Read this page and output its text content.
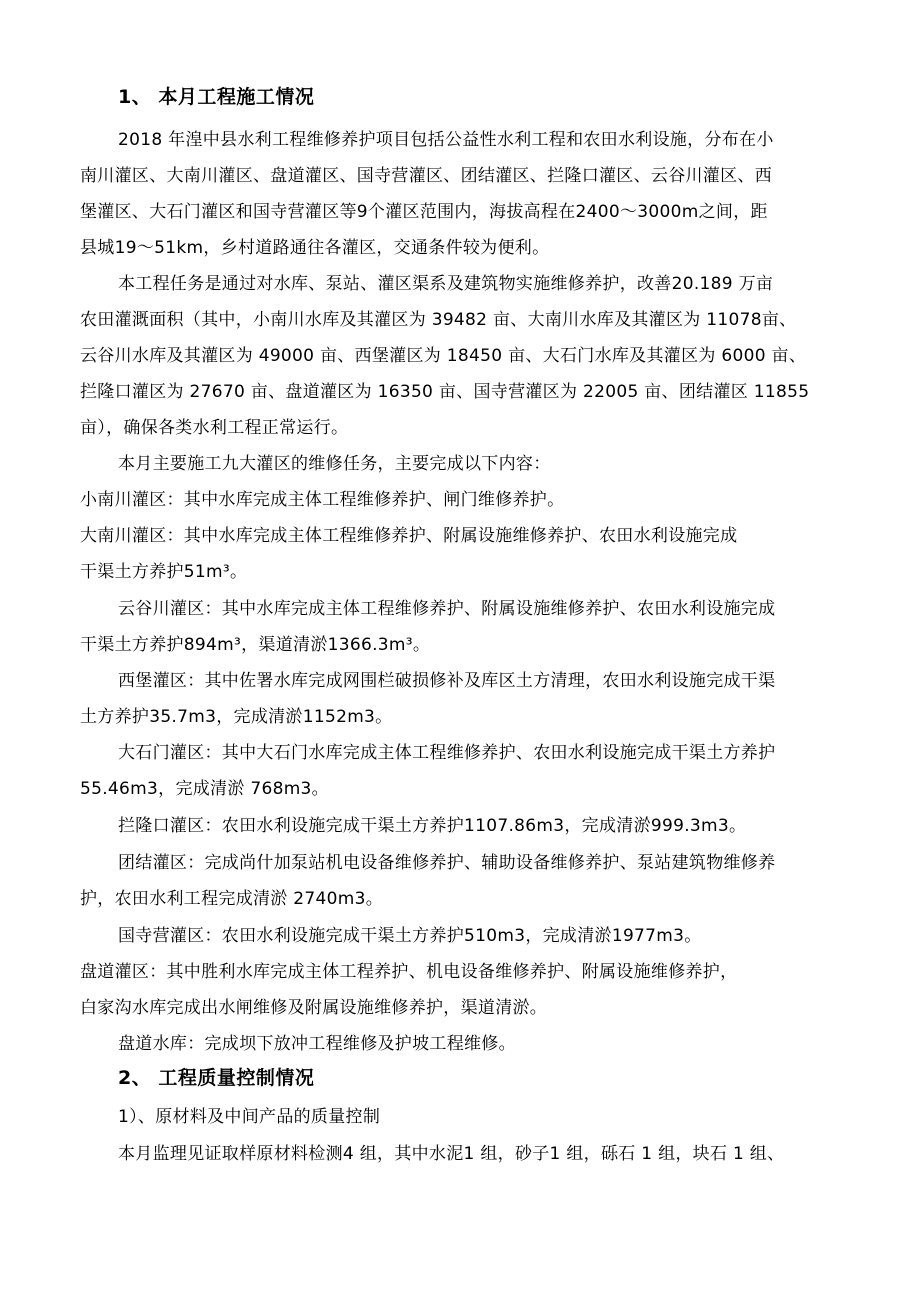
1、 本月工程施工情况
2018 年湟中县水利工程维修养护项目包括公益性水利工程和农田水利设施，分布在小
南川灌区、大南川灌区、盘道灌区、国寺营灌区、团结灌区、拦隆口灌区、云谷川灌区、西
堡灌区、大石门灌区和国寺营灌区等9个灌区范围内，海拔高程在2400～3000m之间，距
县城19～51km，乡村道路通往各灌区，交通条件较为便利。
本工程任务是通过对水库、泵站、灌区渠系及建筑物实施维修养护，改善20.189 万亩
农田灌溉面积（其中，小南川水库及其灌区为 39482 亩、大南川水库及其灌区为 11078亩、
云谷川水库及其灌区为 49000 亩、西堡灌区为 18450 亩、大石门水库及其灌区为 6000 亩、
拦隆口灌区为 27670 亩、盘道灌区为 16350 亩、国寺营灌区为 22005 亩、团结灌区 11855
亩），确保各类水利工程正常运行。
本月主要施工九大灌区的维修任务，主要完成以下内容：
小南川灌区：其中水库完成主体工程维修养护、闸门维修养护。
大南川灌区：其中水库完成主体工程维修养护、附属设施维修养护、农田水利设施完成
干渠土方养护51m³。
云谷川灌区：其中水库完成主体工程维修养护、附属设施维修养护、农田水利设施完成
干渠土方养护894m³，渠道清淤1366.3m³。
西堡灌区：其中佐署水库完成网围栏破损修补及库区土方清理，农田水利设施完成干渠
土方养护35.7m3，完成清淤1152m3。
大石门灌区：其中大石门水库完成主体工程维修养护、农田水利设施完成干渠土方养护
55.46m3，完成清淤 768m3。
拦隆口灌区：农田水利设施完成干渠土方养护1107.86m3，完成清淤999.3m3。
团结灌区：完成尚什加泵站机电设备维修养护、辅助设备维修养护、泵站建筑物维修养
护，农田水利工程完成清淤 2740m3。
国寺营灌区：农田水利设施完成干渠土方养护510m3，完成清淤1977m3。
盘道灌区：其中胜利水库完成主体工程养护、机电设备维修养护、附属设施维修养护，
白家沟水库完成出水闸维修及附属设施维修养护，渠道清淤。
盘道水库：完成坝下放冲工程维修及护坡工程维修。
2、 工程质量控制情况
1）、原材料及中间产品的质量控制
本月监理见证取样原材料检测4 组，其中水泥1 组，砂子1 组，砾石 1 组，块石 1 组、
